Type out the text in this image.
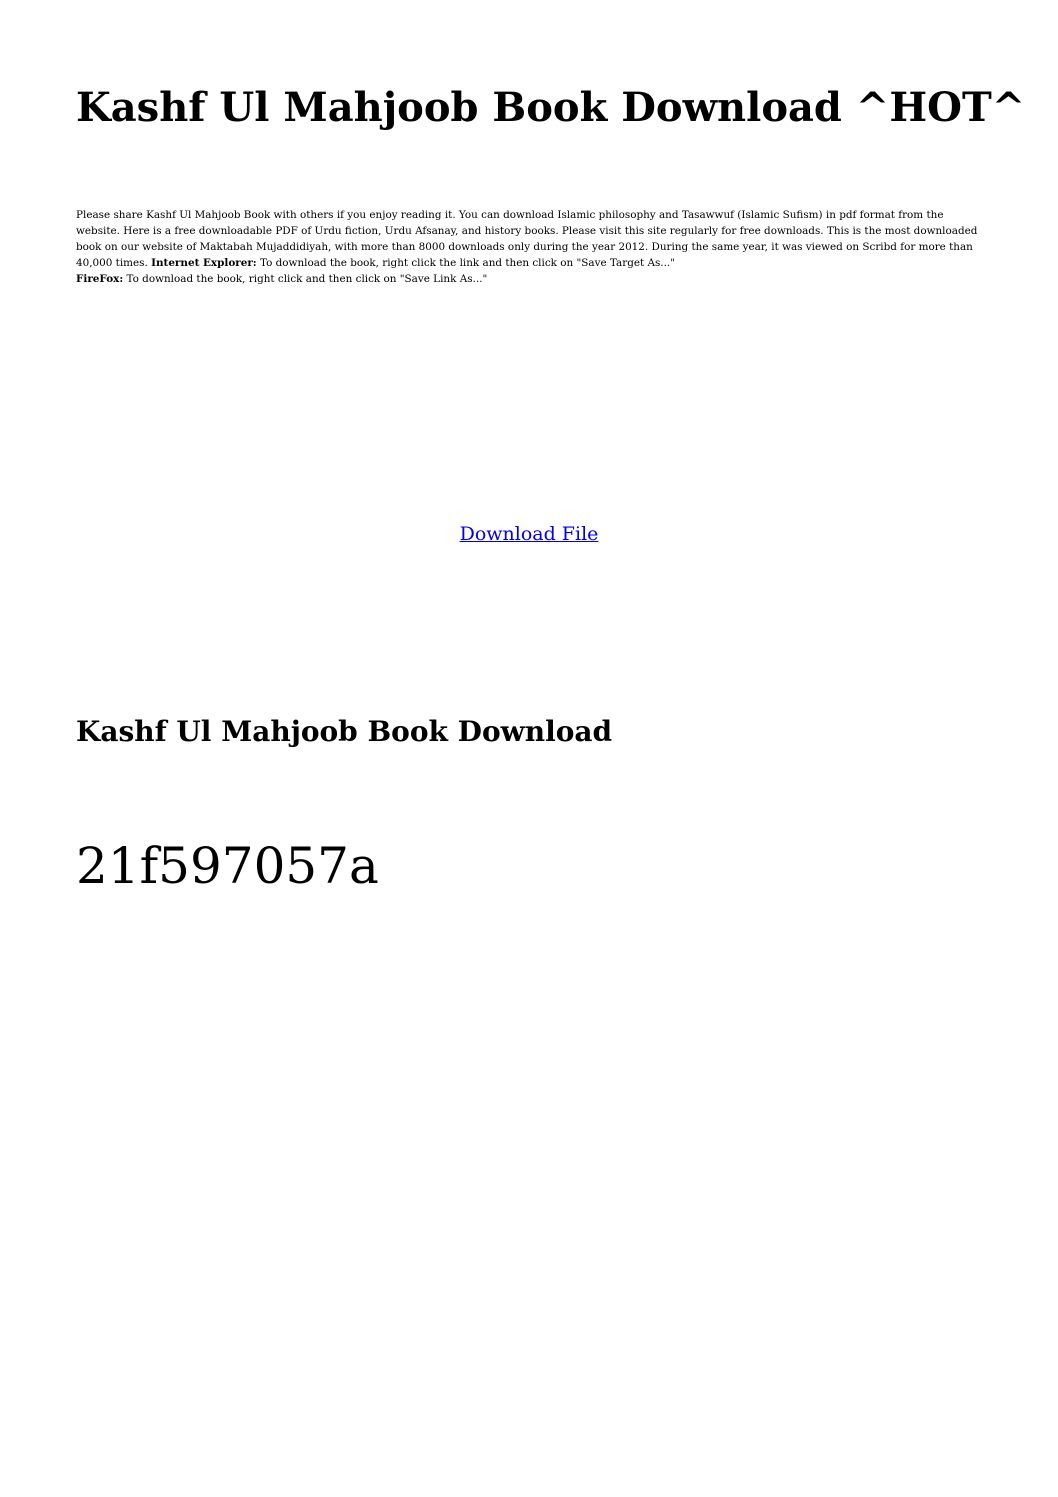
Kashf Ul Mahjoob Book Download ^HOT^

Please share Kashf Ul Mahjoob Book with others if you enjoy reading it. You can download Islamic philosophy and Tasawwuf (Islamic Sufism) in pdf format from the website. Here is a free downloadable PDF of Urdu fiction, Urdu Afsanay, and history books. Please visit this site regularly for free downloads. This is the most downloaded book on our website of Maktabah Mujaddidiyah, with more than 8000 downloads only during the year 2012. During the same year, it was viewed on Scribd for more than 40,000 times. Internet Explorer: To download the book, right click the link and then click on "Save Target As..."
FireFox: To download the book, right click and then click on "Save Link As..."

Download File
Kashf Ul Mahjoob Book Download

21f597057a
